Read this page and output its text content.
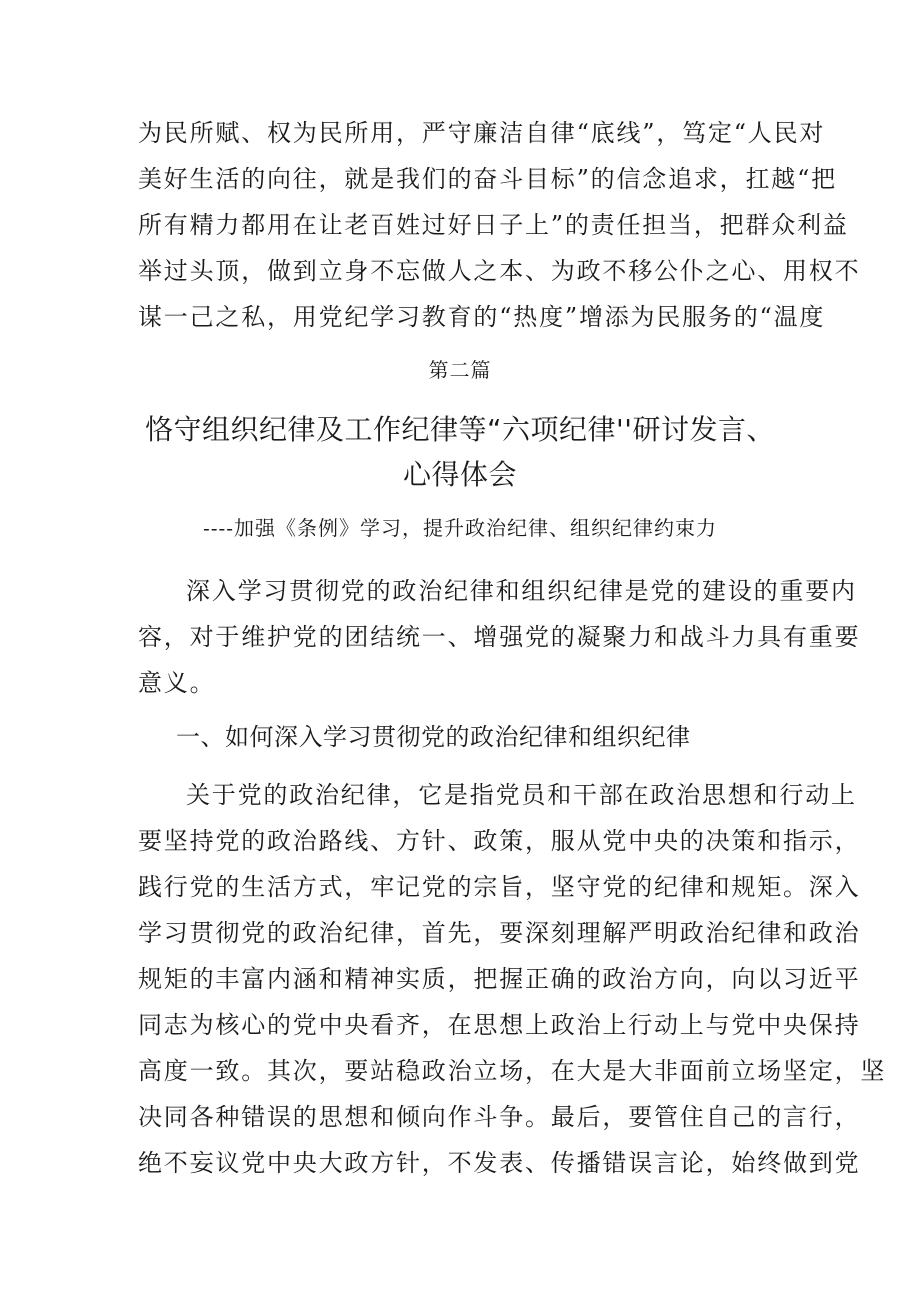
为民所赋、权为民所用，严守廉洁自律“底线”，笃定“人民对
美好生活的向往，就是我们的奋斗目标”的信念追求，扛越“把
所有精力都用在让老百姓过好日子上”的责任担当，把群众利益
举过头顶，做到立身不忘做人之本、为政不移公仆之心、用权不
谋一己之私，用党纪学习教育的“热度”增添为民服务的“温度
第二篇
恪守组织纪律及工作纪律等“六项纪律''研讨发言、
心得体会
----加强《条例》学习，提升政治纪律、组织纪律约束力
深入学习贯彻党的政治纪律和组织纪律是党的建设的重要内
容，对于维护党的团结统一、增强党的凝聚力和战斗力具有重要
意义。
一、如何深入学习贯彻党的政治纪律和组织纪律
关于党的政治纪律，它是指党员和干部在政治思想和行动上
要坚持党的政治路线、方针、政策，服从党中央的决策和指示，
践行党的生活方式，牢记党的宗旨，坚守党的纪律和规矩。深入
学习贯彻党的政治纪律，首先，要深刻理解严明政治纪律和政治
规矩的丰富内涵和精神实质，把握正确的政治方向，向以习近平
同志为核心的党中央看齐，在思想上政治上行动上与党中央保持
高度一致。其次，要站稳政治立场，在大是大非面前立场坚定，坚
决同各种错误的思想和倾向作斗争。最后，要管住自己的言行，
绝不妄议党中央大政方针，不发表、传播错误言论，始终做到党
